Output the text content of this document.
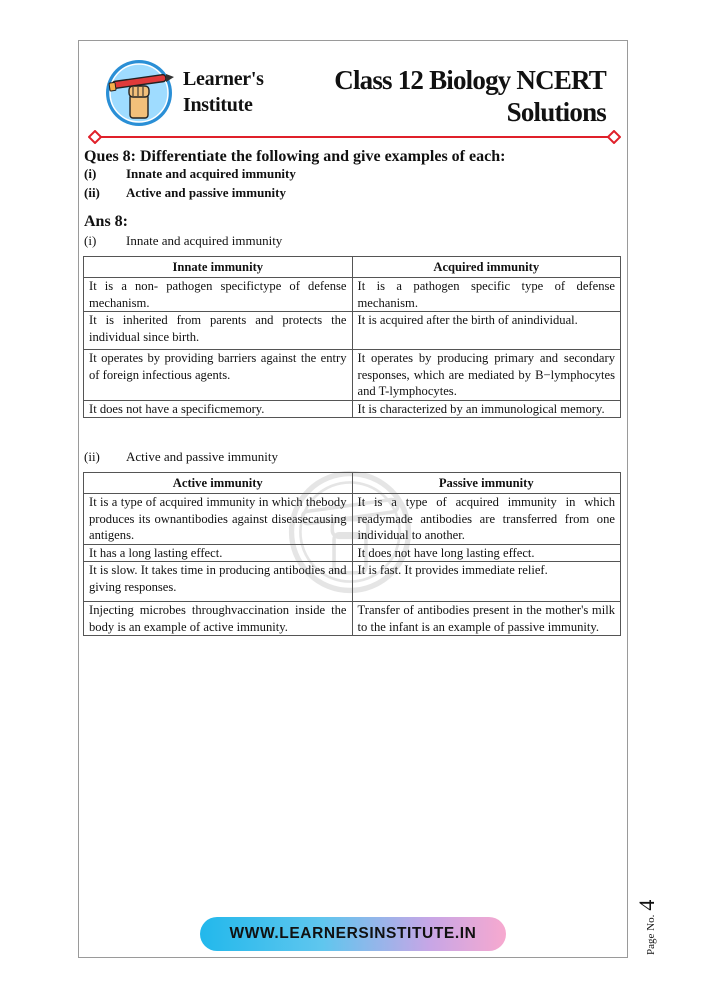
Learner's
Institute
Class 12 Biology NCERT
Solutions
Ques 8: Differentiate the following and give examples of each:
(i) Innate and acquired immunity
(ii) Active and passive immunity
Ans 8:
(i) Innate and acquired immunity
Innate immunity	Acquired immunity
It is a non- pathogen specifictype of defense mechanism.	It is a pathogen specific type of defense mechanism.
It is inherited from parents and protects the individual since birth.	It is acquired after the birth of anindividual.
It operates by providing barriers against the entry of foreign infectious agents.	It operates by producing primary and secondary responses, which are mediated by B−lymphocytes and T-lymphocytes.
It does not have a specificmemory.	It is characterized by an immunological memory.
(ii) Active and passive immunity
Active immunity	Passive immunity
It is a type of acquired immunity in which thebody produces its ownantibodies against diseasecausing antigens.	It is a type of acquired immunity in which readymade antibodies are transferred from one individual to another.
It has a long lasting effect.	It does not have long lasting effect.
It is slow. It takes time in producing antibodies and giving responses.	It is fast. It provides immediate relief.
Injecting microbes throughvaccination inside the body is an example of active immunity.	Transfer of antibodies present in the mother's milk to the infant is an example of passive immunity.
WWW.LEARNERSINSTITUTE.IN	Page No.4
